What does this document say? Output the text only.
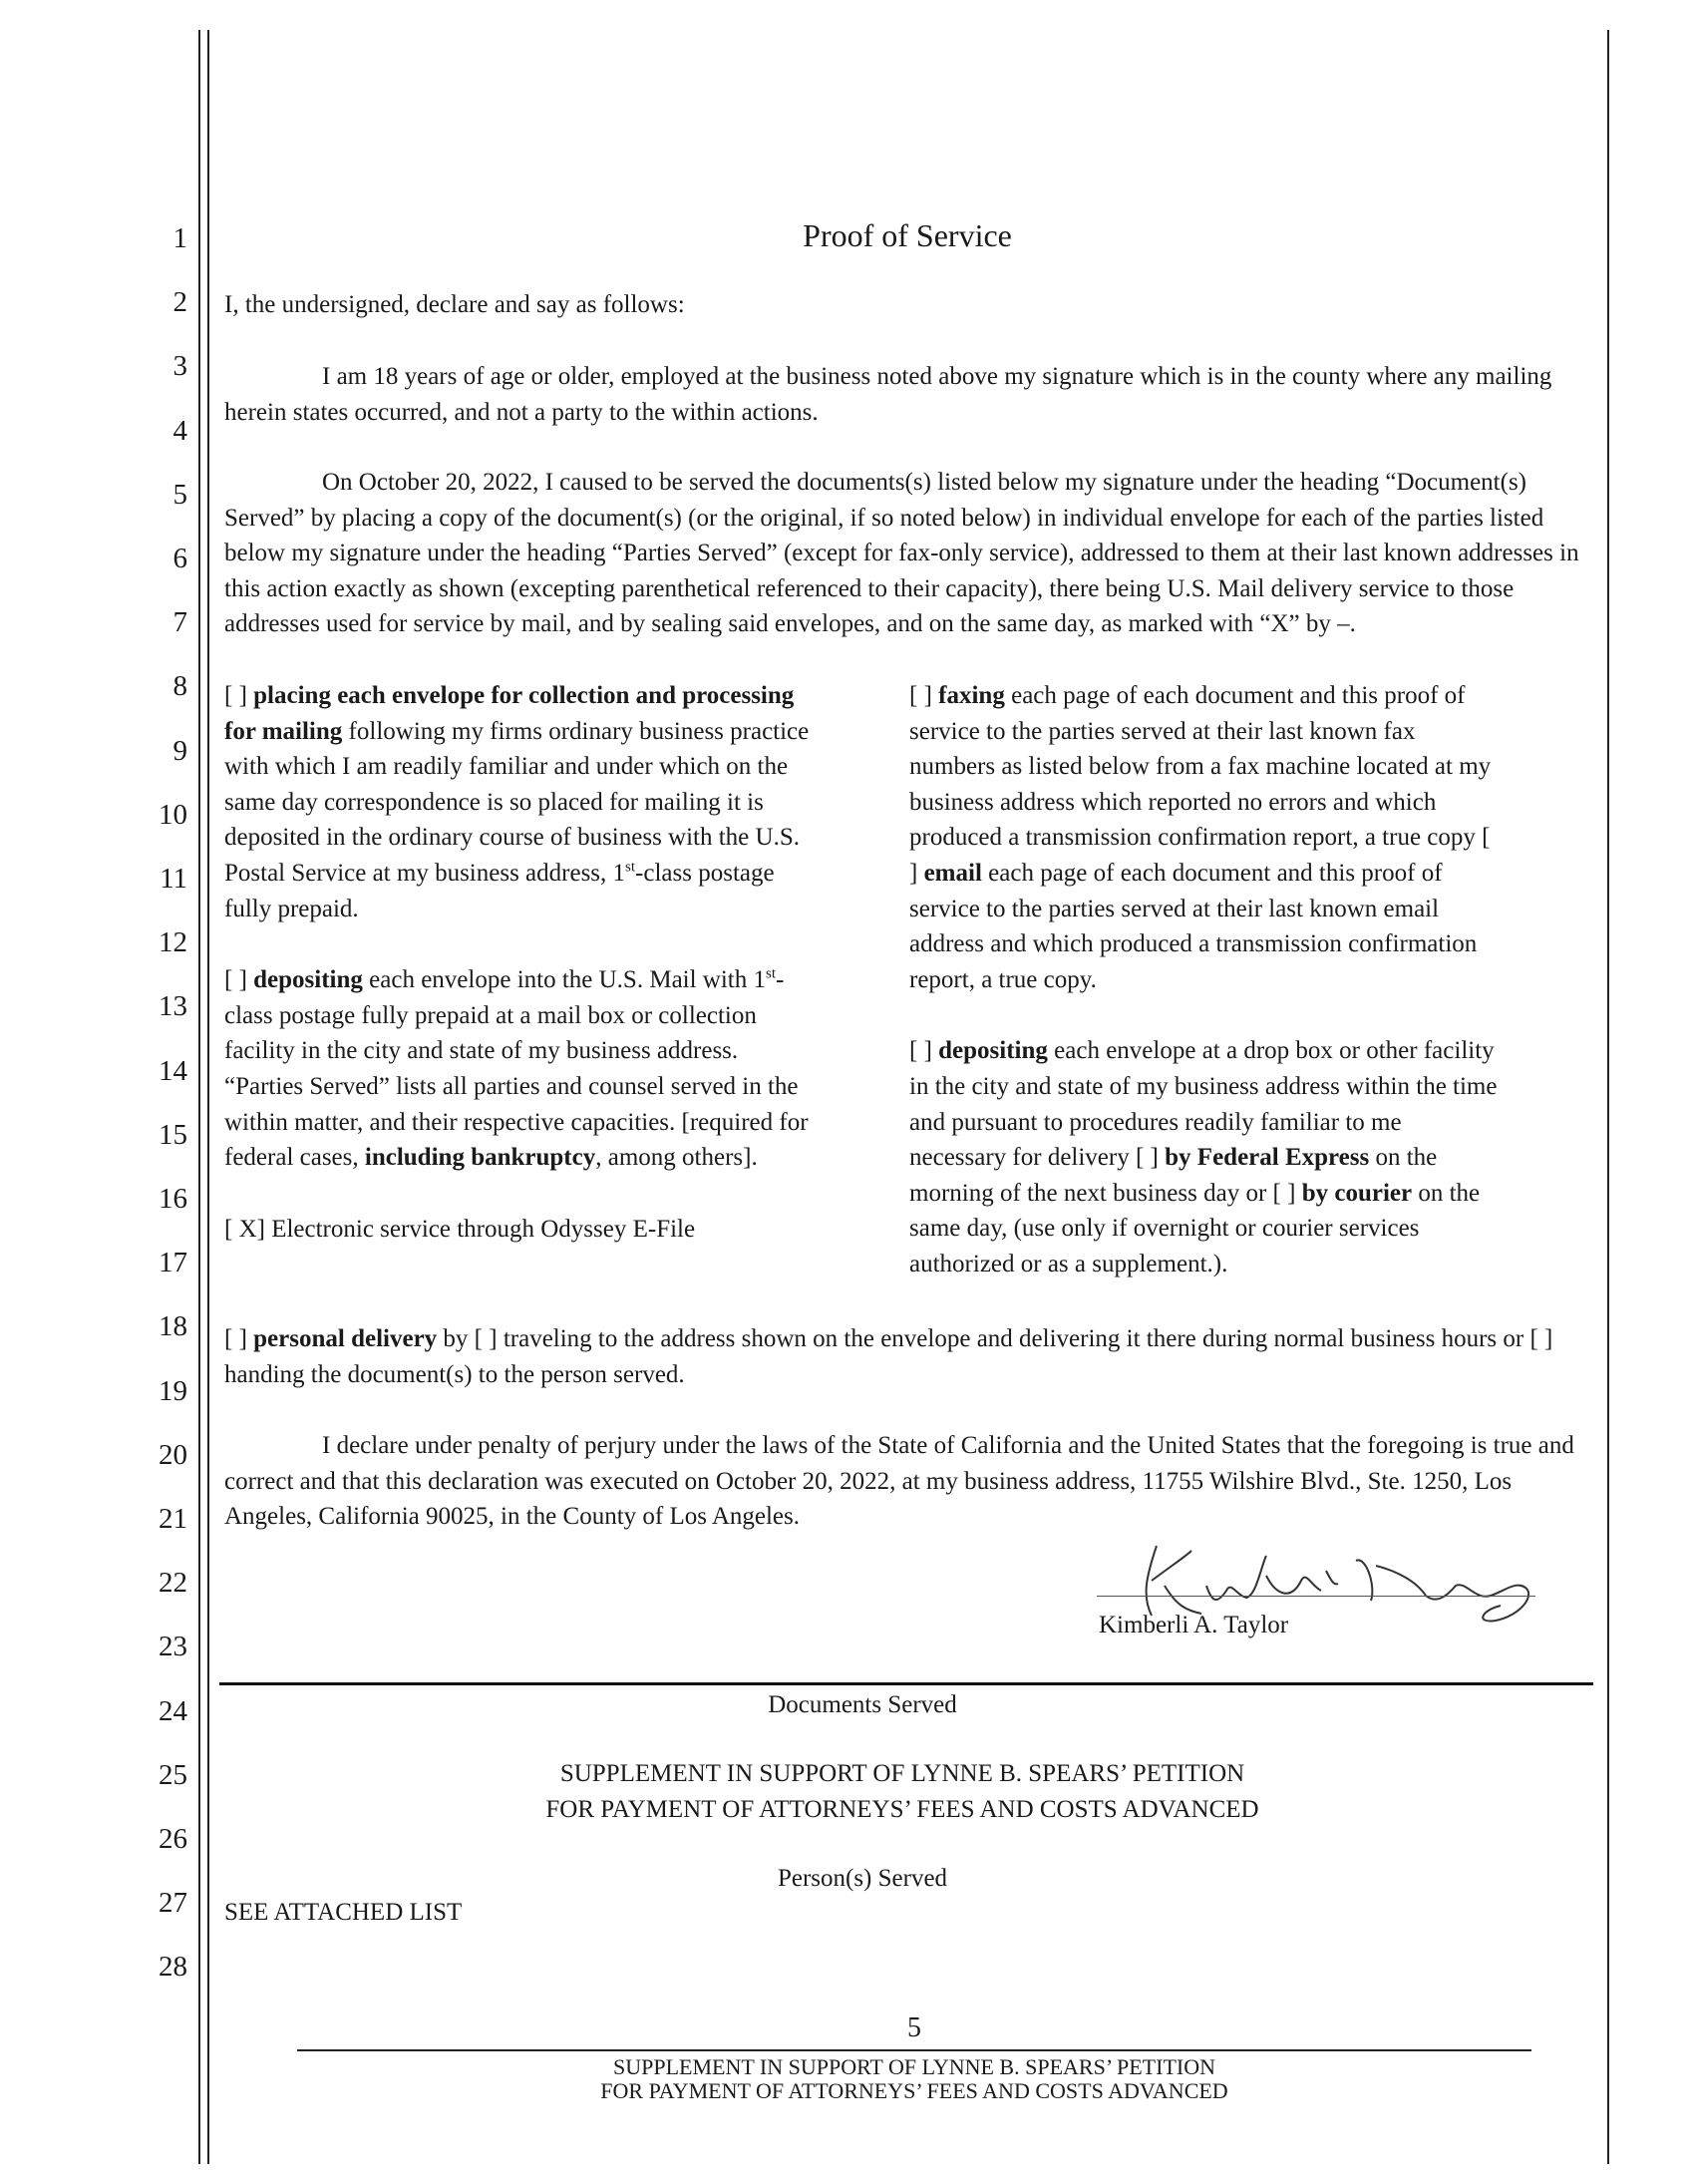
1
2
3
4
5
6
7
8
9
10
11
12
13
14
15
16
17
18
19
20
21
22
23
24
25
26
27
28
Proof of Service
I, the undersigned, declare and say as follows:
I am 18 years of age or older, employed at the business noted above my signature which is in the county where any mailing herein states occurred, and not a party to the within actions.
On October 20, 2022, I caused to be served the documents(s) listed below my signature under the heading “Document(s) Served” by placing a copy of the document(s) (or the original, if so noted below) in individual envelope for each of the parties listed below my signature under the heading “Parties Served” (except for fax-only service), addressed to them at their last known addresses in this action exactly as shown (excepting parenthetical referenced to their capacity), there being U.S. Mail delivery service to those addresses used for service by mail, and by sealing said envelopes, and on the same day, as marked with “X” by –.
[ ] placing each envelope for collection and processing for mailing following my firms ordinary business practice with which I am readily familiar and under which on the same day correspondence is so placed for mailing it is deposited in the ordinary course of business with the U.S. Postal Service at my business address, 1st-class postage fully prepaid.
[ ] depositing each envelope into the U.S. Mail with 1st-class postage fully prepaid at a mail box or collection facility in the city and state of my business address. “Parties Served” lists all parties and counsel served in the within matter, and their respective capacities. [required for federal cases, including bankruptcy, among others].
[ X] Electronic service through Odyssey E-File
[ ] faxing each page of each document and this proof of service to the parties served at their last known fax numbers as listed below from a fax machine located at my business address which reported no errors and which produced a transmission confirmation report, a true copy [ ] email each page of each document and this proof of service to the parties served at their last known email address and which produced a transmission confirmation report, a true copy.
[ ] depositing each envelope at a drop box or other facility in the city and state of my business address within the time and pursuant to procedures readily familiar to me necessary for delivery [ ] by Federal Express on the morning of the next business day or [ ] by courier on the same day, (use only if overnight or courier services authorized or as a supplement.).
[ ] personal delivery by [ ] traveling to the address shown on the envelope and delivering it there during normal business hours or [ ] handing the document(s) to the person served.
I declare under penalty of perjury under the laws of the State of California and the United States that the foregoing is true and correct and that this declaration was executed on October 20, 2022, at my business address, 11755 Wilshire Blvd., Ste. 1250, Los Angeles, California 90025, in the County of Los Angeles.
Kimberli A. Taylor
Documents Served
SUPPLEMENT IN SUPPORT OF LYNNE B. SPEARS’ PETITION
FOR PAYMENT OF ATTORNEYS’ FEES AND COSTS ADVANCED
Person(s) Served
SEE ATTACHED LIST
5
SUPPLEMENT IN SUPPORT OF LYNNE B. SPEARS’ PETITION
FOR PAYMENT OF ATTORNEYS’ FEES AND COSTS ADVANCED
